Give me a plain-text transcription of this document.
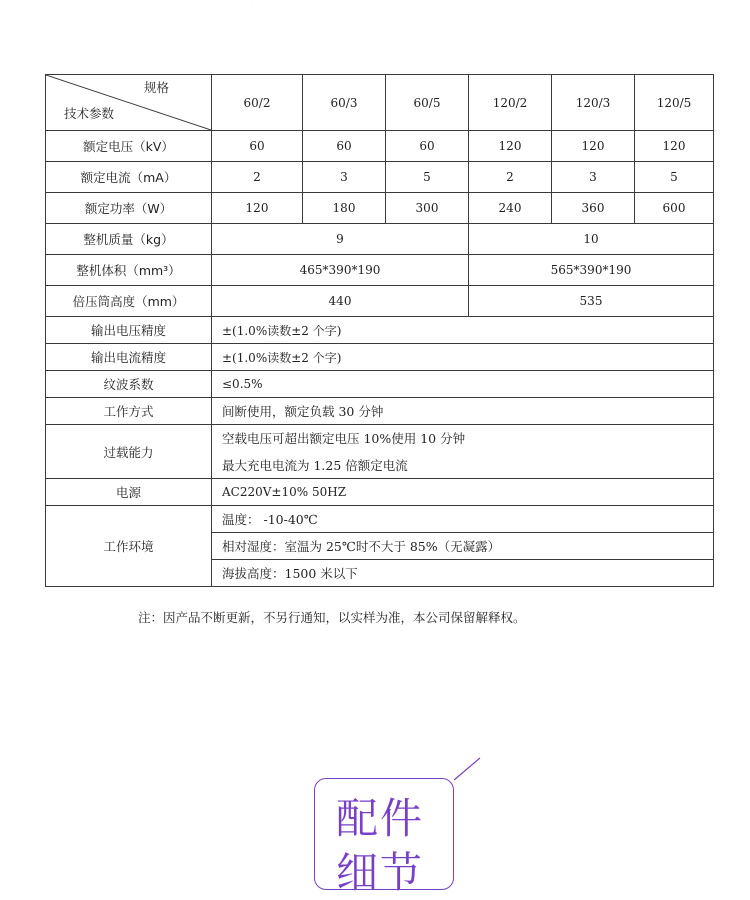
规格
技术参数	60/2	60/3	60/5	120/2	120/3	120/5
额定电压（kV）	60	60	60	120	120	120
额定电流（mA）	2	3	5	2	3	5
额定功率（W）	120	180	300	240	360	600
整机质量（kg）	9			10		
整机体积（mm³）	465*390*190			565*390*190		
倍压筒高度（mm）	440			535		
输出电压精度	±(1.0%读数±2 个字)					
输出电流精度	±(1.0%读数±2 个字)					
纹波系数	≤0.5%					
工作方式	间断使用，额定负载 30 分钟					
过载能力	空载电压可超出额定电压 10%使用 10 分钟					
	最大充电电流为 1.25 倍额定电流					
电源	AC220V±10% 50HZ					
工作环境	温度： -10-40℃					
	相对湿度：室温为 25℃时不大于 85%（无凝露）					
	海拔高度：1500 米以下					
注：因产品不断更新，不另行通知，以实样为准，本公司保留解释权。
配件
细节
